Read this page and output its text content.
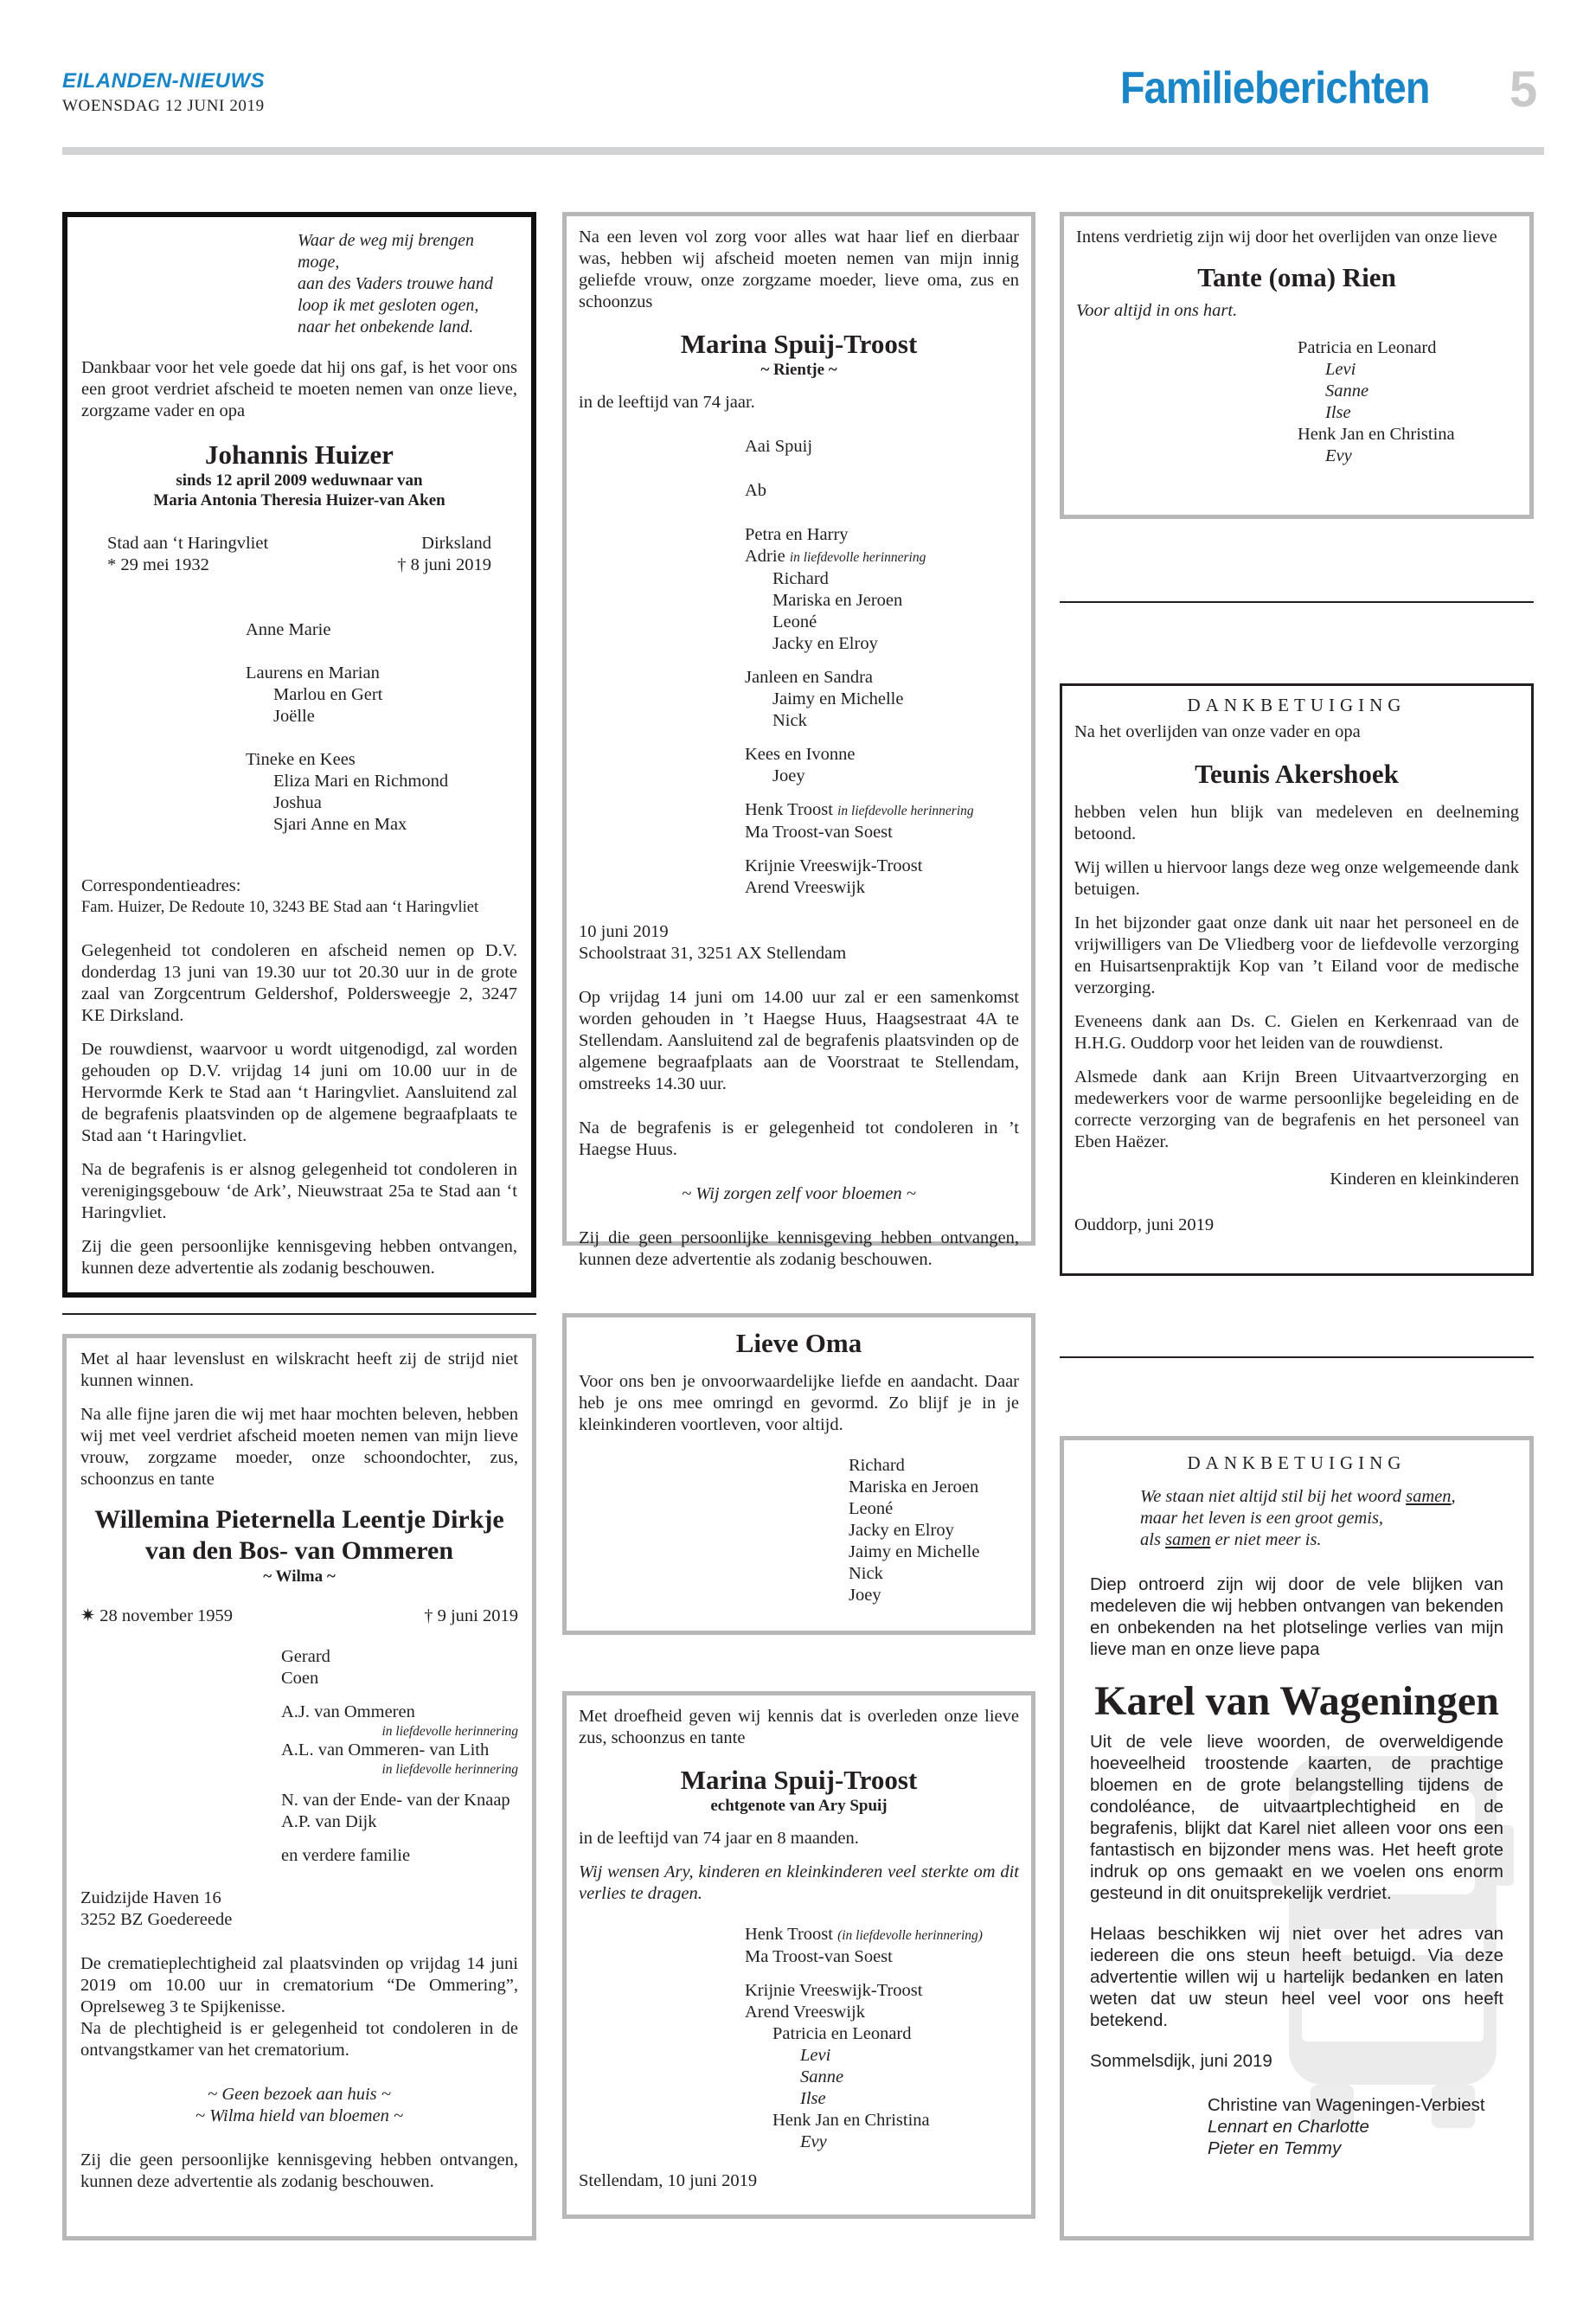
EILANDEN-NIEUWS
WOENSDAG 12 JUNI 2019	Familieberichten 5

Waar de weg mij brengen moge,

aan des Vaders trouwe hand

loop ik met gesloten ogen,

naar het onbekende land.

Dankbaar voor het vele goede dat hij ons gaf, is het voor ons een groot verdriet afscheid te moeten nemen van onze lieve, zorgzame vader en opa

Johannis Huizer

sinds 12 april 2009 weduwnaar van

Maria Antonia Theresia Huizer-van Aken

Stad aan ‘t Haringvliet	Dirksland
* 29 mei 1932	† 8 juni 2019

Anne Marie

Laurens en Marian

Marlou en Gert

Joëlle

Tineke en Kees

Eliza Mari en Richmond

Joshua

Sjari Anne en Max

Correspondentieadres:

Fam. Huizer, De Redoute 10, 3243 BE Stad aan ‘t Haringvliet

Gelegenheid tot condoleren en afscheid nemen op D.V. donderdag 13 juni van 19.30 uur tot 20.30 uur in de grote zaal van Zorgcentrum Geldershof, Poldersweegje 2, 3247 KE Dirksland.

De rouwdienst, waarvoor u wordt uitgenodigd, zal worden gehouden op D.V. vrijdag 14 juni om 10.00 uur in de Hervormde Kerk te Stad aan ‘t Haringvliet. Aansluitend zal de begrafenis plaatsvinden op de algemene begraafplaats te Stad aan ‘t Haringvliet.

Na de begrafenis is er alsnog gelegenheid tot condoleren in verenigingsgebouw ‘de Ark’, Nieuwstraat 25a te Stad aan ‘t Haringvliet.

Zij die geen persoonlijke kennisgeving hebben ontvangen, kunnen deze advertentie als zodanig beschouwen.

Na een leven vol zorg voor alles wat haar lief en dierbaar was, hebben wij afscheid moeten nemen van mijn innig geliefde vrouw, onze zorgzame moeder, lieve oma, zus en schoonzus

Marina Spuij-Troost

~ Rientje ~

in de leeftijd van 74 jaar.

Aai Spuij

Ab

Petra en Harry

Adrie in liefdevolle herinnering

Richard

Mariska en Jeroen

Leoné

Jacky en Elroy

Janleen en Sandra

Jaimy en Michelle

Nick

Kees en Ivonne

Joey

Henk Troost in liefdevolle herinnering

Ma Troost-van Soest

Krijnie Vreeswijk-Troost

Arend Vreeswijk

10 juni 2019

Schoolstraat 31, 3251 AX Stellendam

Op vrijdag 14 juni om 14.00 uur zal er een samenkomst worden gehouden in ’t Haegse Huus, Haagsestraat 4A te Stellendam. Aansluitend zal de begrafenis plaatsvinden op de algemene begraafplaats aan de Voorstraat te Stellendam, omstreeks 14.30 uur.

Na de begrafenis is er gelegenheid tot condoleren in ’t Haegse Huus.

~ Wij zorgen zelf voor bloemen ~

Zij die geen persoonlijke kennisgeving hebben ontvangen, kunnen deze advertentie als zodanig beschouwen.

Intens verdrietig zijn wij door het overlijden van onze lieve

Tante (oma) Rien

Voor altijd in ons hart.

Patricia en Leonard

Levi

Sanne

Ilse

Henk Jan en Christina

Evy

DANKBETUIGING

Na het overlijden van onze vader en opa

Teunis Akershoek

hebben velen hun blijk van medeleven en deelneming betoond.

Wij willen u hiervoor langs deze weg onze welgemeende dank betuigen.

In het bijzonder gaat onze dank uit naar het personeel en de vrijwilligers van De Vliedberg voor de liefdevolle verzorging en Huisartsenpraktijk Kop van ’t Eiland voor de medische verzorging.

Eveneens dank aan Ds. C. Gielen en Kerkenraad van de H.H.G. Ouddorp voor het leiden van de rouwdienst.

Alsmede dank aan Krijn Breen Uitvaartverzorging en medewerkers voor de warme persoonlijke begeleiding en de correcte verzorging van de begrafenis en het personeel van Eben Haëzer.

Kinderen en kleinkinderen

Ouddorp, juni 2019

Met al haar levenslust en wilskracht heeft zij de strijd niet kunnen winnen.

Na alle fijne jaren die wij met haar mochten beleven, hebben wij met veel verdriet afscheid moeten nemen van mijn lieve vrouw, zorgzame moeder, onze schoondochter, zus, schoonzus en tante

Willemina Pieternella Leentje Dirkje

van den Bos- van Ommeren

~ Wilma ~

✷ 28 november 1959	† 9 juni 2019

Gerard

Coen

A.J. van Ommeren

in liefdevolle herinnering

A.L. van Ommeren- van Lith

in liefdevolle herinnering

N. van der Ende- van der Knaap

A.P. van Dijk

en verdere familie

Zuidzijde Haven 16

3252 BZ Goedereede

De crematieplechtigheid zal plaatsvinden op vrijdag 14 juni 2019 om 10.00 uur in crematorium “De Ommering”, Oprelseweg 3 te Spijkenisse.

Na de plechtigheid is er gelegenheid tot condoleren in de ontvangstkamer van het crematorium.

~ Geen bezoek aan huis ~

~ Wilma hield van bloemen ~

Zij die geen persoonlijke kennisgeving hebben ontvangen, kunnen deze advertentie als zodanig beschouwen.

Lieve Oma

Voor ons ben je onvoorwaardelijke liefde en aandacht. Daar heb je ons mee omringd en gevormd. Zo blijf je in je kleinkinderen voortleven, voor altijd.

Richard

Mariska en Jeroen

Leoné

Jacky en Elroy

Jaimy en Michelle

Nick

Joey

Met droefheid geven wij kennis dat is overleden onze lieve zus, schoonzus en tante

Marina Spuij-Troost

echtgenote van Ary Spuij

in de leeftijd van 74 jaar en 8 maanden.

Wij wensen Ary, kinderen en kleinkinderen veel sterkte om dit verlies te dragen.

Henk Troost (in liefdevolle herinnering)

Ma Troost-van Soest

Krijnie Vreeswijk-Troost

Arend Vreeswijk

Patricia en Leonard

Levi

Sanne

Ilse

Henk Jan en Christina

Evy

Stellendam, 10 juni 2019

DANKBETUIGING

We staan niet altijd stil bij het woord samen,

maar het leven is een groot gemis,

als samen er niet meer is.

Diep ontroerd zijn wij door de vele blijken van medeleven die wij hebben ontvangen van bekenden en onbekenden na het plotselinge verlies van mijn lieve man en onze lieve papa

Karel van Wageningen

Uit de vele lieve woorden, de overweldigende hoeveelheid troostende kaarten, de prachtige bloemen en de grote belangstelling tijdens de condoléance, de uitvaartplechtigheid en de begrafenis, blijkt dat Karel niet alleen voor ons een fantastisch en bijzonder mens was. Het heeft grote indruk op ons gemaakt en we voelen ons enorm gesteund in dit onuitsprekelijk verdriet.

Helaas beschikken wij niet over het adres van iedereen die ons steun heeft betuigd. Via deze advertentie willen wij u hartelijk bedanken en laten weten dat uw steun heel veel voor ons heeft betekend.

Sommelsdijk, juni 2019

Christine van Wageningen-Verbiest

Lennart en Charlotte

Pieter en Temmy
